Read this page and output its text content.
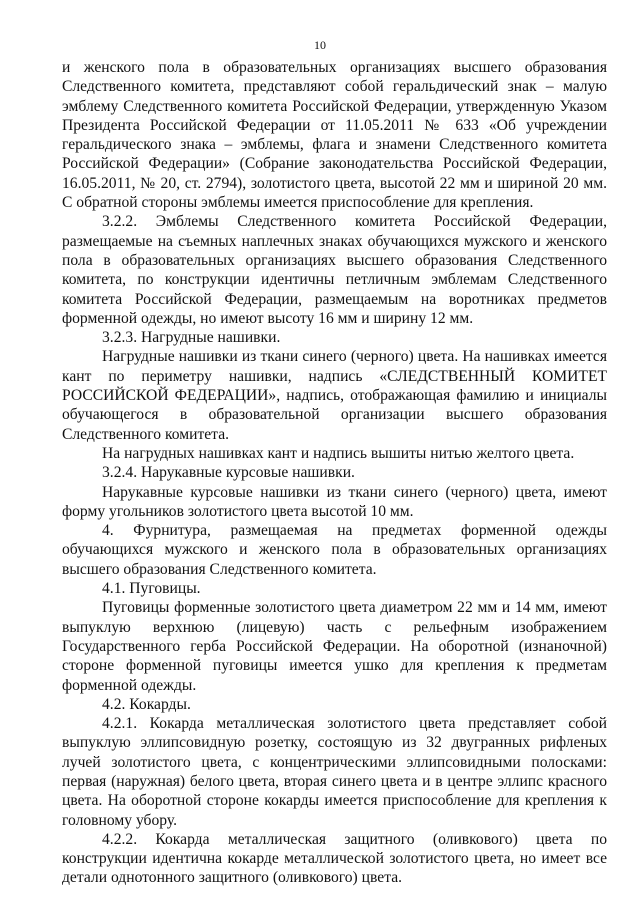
10

и женского пола в образовательных организациях высшего образования Следственного комитета, представляют собой геральдический знак – малую эмблему Следственного комитета Российской Федерации, утвержденную Указом Президента Российской Федерации от 11.05.2011 № 633 «Об учреждении геральдического знака – эмблемы, флага и знамени Следственного комитета Российской Федерации» (Собрание законодательства Российской Федерации, 16.05.2011, № 20, ст. 2794), золотистого цвета, высотой 22 мм и шириной 20 мм. С обратной стороны эмблемы имеется приспособление для крепления.

3.2.2. Эмблемы Следственного комитета Российской Федерации, размещаемые на съемных наплечных знаках обучающихся мужского и женского пола в образовательных организациях высшего образования Следственного комитета, по конструкции идентичны петличным эмблемам Следственного комитета Российской Федерации, размещаемым на воротниках предметов форменной одежды, но имеют высоту 16 мм и ширину 12 мм.

3.2.3. Нагрудные нашивки.

Нагрудные нашивки из ткани синего (черного) цвета. На нашивках имеется кант по периметру нашивки, надпись «СЛЕДСТВЕННЫЙ КОМИТЕТ РОССИЙСКОЙ ФЕДЕРАЦИИ», надпись, отображающая фамилию и инициалы обучающегося в образовательной организации высшего образования Следственного комитета.

На нагрудных нашивках кант и надпись вышиты нитью желтого цвета.

3.2.4. Нарукавные курсовые нашивки.

Нарукавные курсовые нашивки из ткани синего (черного) цвета, имеют форму угольников золотистого цвета высотой 10 мм.

4. Фурнитура, размещаемая на предметах форменной одежды обучающихся мужского и женского пола в образовательных организациях высшего образования Следственного комитета.

4.1. Пуговицы.

Пуговицы форменные золотистого цвета диаметром 22 мм и 14 мм, имеют выпуклую верхнюю (лицевую) часть с рельефным изображением Государственного герба Российской Федерации. На оборотной (изнаночной) стороне форменной пуговицы имеется ушко для крепления к предметам форменной одежды.

4.2. Кокарды.

4.2.1. Кокарда металлическая золотистого цвета представляет собой выпуклую эллипсовидную розетку, состоящую из 32 двугранных рифленых лучей золотистого цвета, с концентрическими эллипсовидными полосками: первая (наружная) белого цвета, вторая синего цвета и в центре эллипс красного цвета. На оборотной стороне кокарды имеется приспособление для крепления к головному убору.

4.2.2. Кокарда металлическая защитного (оливкового) цвета по конструкции идентична кокарде металлической золотистого цвета, но имеет все детали однотонного защитного (оливкового) цвета.
